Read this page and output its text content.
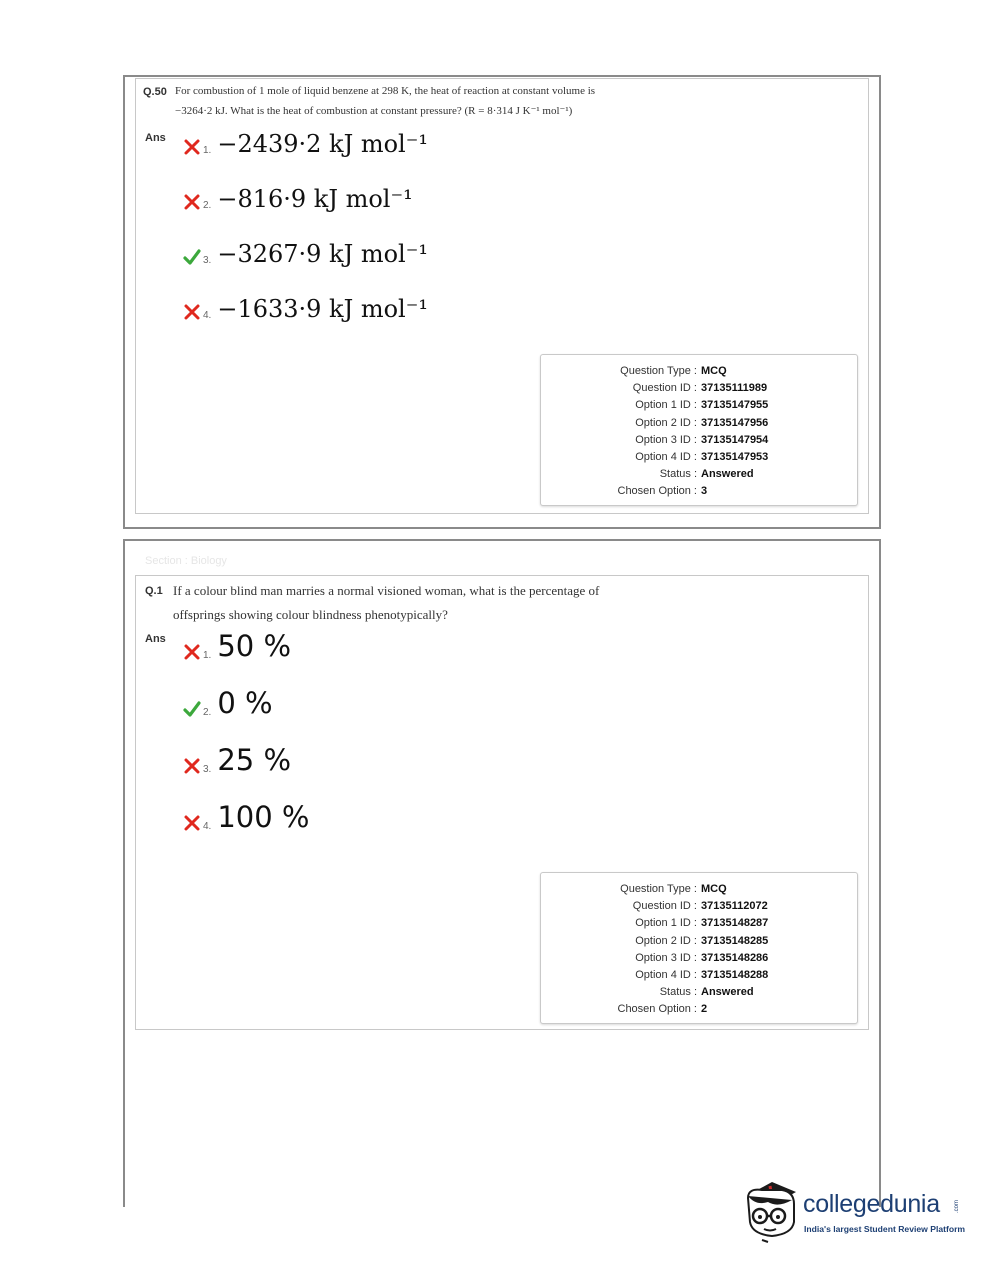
Q.50 For combustion of 1 mole of liquid benzene at 298 K, the heat of reaction at constant volume is
−3264·2 kJ. What is the heat of combustion at constant pressure? (R = 8·314 J K⁻¹ mol⁻¹)
Ans
1. −2439·2 kJ mol⁻¹
2. −816·9 kJ mol⁻¹
3. −3267·9 kJ mol⁻¹
4. −1633·9 kJ mol⁻¹
Question Type : MCQ
Question ID : 37135111989
Option 1 ID : 37135147955
Option 2 ID : 37135147956
Option 3 ID : 37135147954
Option 4 ID : 37135147953
Status : Answered
Chosen Option : 3
Section : Biology
Q.1 If a colour blind man marries a normal visioned woman, what is the percentage of
offsprings showing colour blindness phenotypically?
Ans
1. 50 %
2. 0 %
3. 25 %
4. 100 %
Question Type : MCQ
Question ID : 37135112072
Option 1 ID : 37135148287
Option 2 ID : 37135148285
Option 3 ID : 37135148286
Option 4 ID : 37135148288
Status : Answered
Chosen Option : 2
collegedunia .com
India's largest Student Review Platform
